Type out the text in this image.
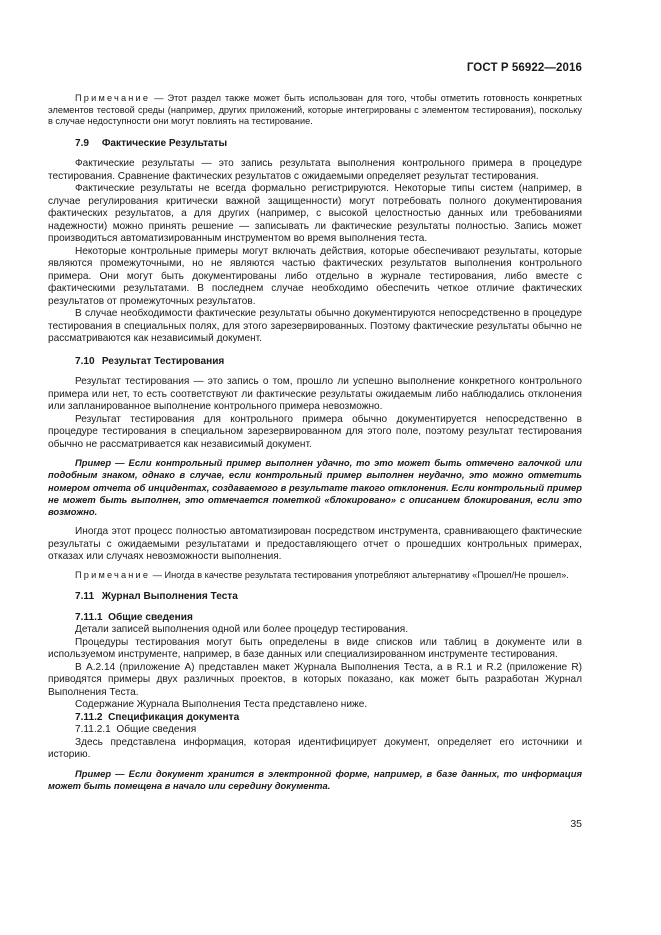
ГОСТ Р 56922—2016
Примечание — Этот раздел также может быть использован для того, чтобы отметить готовность конкретных элементов тестовой среды (например, других приложений, которые интегрированы с элементом тестирования), поскольку в случае недоступности они могут повлиять на тестирование.
7.9 Фактические Результаты
Фактические результаты — это запись результата выполнения контрольного примера в процедуре тестирования. Сравнение фактических результатов с ожидаемыми определяет результат тестирования.
Фактические результаты не всегда формально регистрируются. Некоторые типы систем (например, в случае регулирования критически важной защищенности) могут потребовать полного документирования фактических результатов, а для других (например, с высокой целостностью данных или требованиями надежности) можно принять решение — записывать ли фактические результаты полностью. Запись может производиться автоматизированным инструментом во время выполнения теста.
Некоторые контрольные примеры могут включать действия, которые обеспечивают результаты, которые являются промежуточными, но не являются частью фактических результатов выполнения контрольного примера. Они могут быть документированы либо отдельно в журнале тестирования, либо вместе с фактическими результатами. В последнем случае необходимо обеспечить четкое отличие фактических результатов от промежуточных результатов.
В случае необходимости фактические результаты обычно документируются непосредственно в процедуре тестирования в специальных полях, для этого зарезервированных. Поэтому фактические результаты обычно не рассматриваются как независимый документ.
7.10 Результат Тестирования
Результат тестирования — это запись о том, прошло ли успешно выполнение конкретного контрольного примера или нет, то есть соответствуют ли фактические результаты ожидаемым либо наблюдались отклонения или запланированное выполнение контрольного примера невозможно.
Результат тестирования для контрольного примера обычно документируется непосредственно в процедуре тестирования в специальном зарезервированном для этого поле, поэтому результат тестирования обычно не рассматривается как независимый документ.
Пример — Если контрольный пример выполнен удачно, то это может быть отмечено галочкой или подобным знаком, однако в случае, если контрольный пример выполнен неудачно, это можно отметить номером отчета об инцидентах, создаваемого в результате такого отклонения. Если контрольный пример не может быть выполнен, это отмечается пометкой «блокировано» с описанием блокирования, если это возможно.
Иногда этот процесс полностью автоматизирован посредством инструмента, сравнивающего фактические результаты с ожидаемыми результатами и предоставляющего отчет о прошедших контрольных примерах, отказах или случаях невозможности выполнения.
Примечание — Иногда в качестве результата тестирования употребляют альтернативу «Прошел/Не прошел».
7.11 Журнал Выполнения Теста
7.11.1 Общие сведения
Детали записей выполнения одной или более процедур тестирования.
Процедуры тестирования могут быть определены в виде списков или таблиц в документе или в используемом инструменте, например, в базе данных или специализированном инструменте тестирования.
В А.2.14 (приложение А) представлен макет Журнала Выполнения Теста, а в R.1 и R.2 (приложение R) приводятся примеры двух различных проектов, в которых показано, как может быть разработан Журнал Выполнения Теста.
Содержание Журнала Выполнения Теста представлено ниже.
7.11.2 Спецификация документа
7.11.2.1 Общие сведения
Здесь представлена информация, которая идентифицирует документ, определяет его источники и историю.
Пример — Если документ хранится в электронной форме, например, в базе данных, то информация может быть помещена в начало или середину документа.
35
